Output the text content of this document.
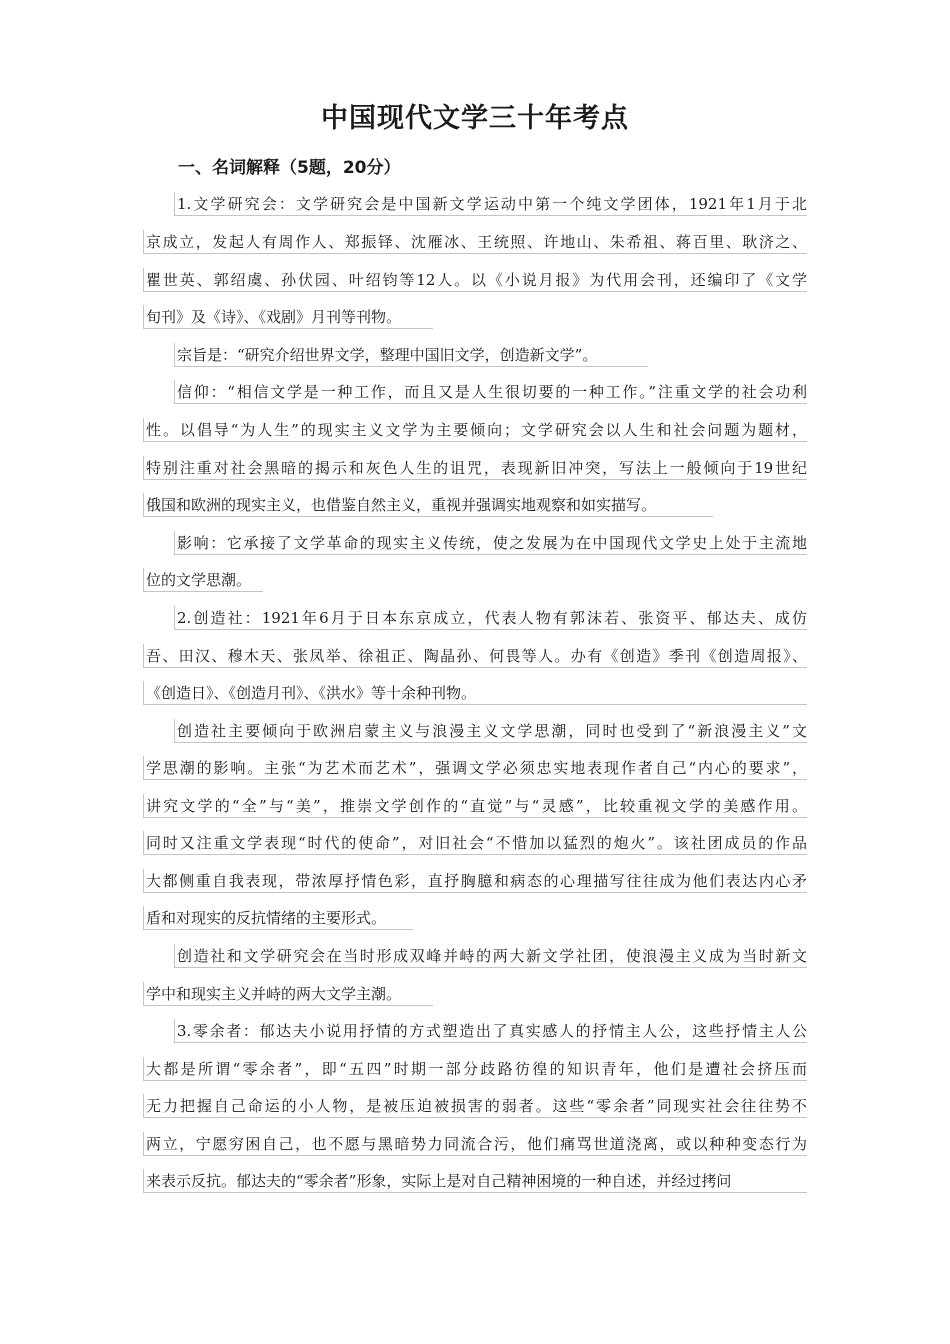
中国现代文学三十年考点
一、名词解释（5题，20分）
1.文学研究会：文学研究会是中国新文学运动中第一个纯文学团体，1921年1月于北
京成立，发起人有周作人、郑振铎、沈雁冰、王统照、许地山、朱希祖、蒋百里、耿济之、
瞿世英、郭绍虞、孙伏园、叶绍钧等12人。以《小说月报》为代用会刊，还编印了《文学
旬刊》及《诗》、《戏剧》月刊等刊物。
宗旨是：“研究介绍世界文学，整理中国旧文学，创造新文学”。
信仰：“相信文学是一种工作，而且又是人生很切要的一种工作。”注重文学的社会功利
性。以倡导“为人生”的现实主义文学为主要倾向；文学研究会以人生和社会问题为题材，
特别注重对社会黑暗的揭示和灰色人生的诅咒，表现新旧冲突，写法上一般倾向于19世纪
俄国和欧洲的现实主义，也借鉴自然主义，重视并强调实地观察和如实描写。
影响：它承接了文学革命的现实主义传统，使之发展为在中国现代文学史上处于主流地
位的文学思潮。
2.创造社：1921年6月于日本东京成立，代表人物有郭沫若、张资平、郁达夫、成仿
吾、田汉、穆木天、张凤举、徐祖正、陶晶孙、何畏等人。办有《创造》季刊《创造周报》、
《创造日》、《创造月刊》、《洪水》等十余种刊物。
创造社主要倾向于欧洲启蒙主义与浪漫主义文学思潮，同时也受到了“新浪漫主义”文
学思潮的影响。主张“为艺术而艺术”，强调文学必须忠实地表现作者自己“内心的要求”，
讲究文学的“全”与“美”，推崇文学创作的“直觉”与“灵感”，比较重视文学的美感作用。
同时又注重文学表现“时代的使命”，对旧社会“不惜加以猛烈的炮火”。该社团成员的作品
大都侧重自我表现，带浓厚抒情色彩，直抒胸臆和病态的心理描写往往成为他们表达内心矛
盾和对现实的反抗情绪的主要形式。
创造社和文学研究会在当时形成双峰并峙的两大新文学社团，使浪漫主义成为当时新文
学中和现实主义并峙的两大文学主潮。
3.零余者：郁达夫小说用抒情的方式塑造出了真实感人的抒情主人公，这些抒情主人公
大都是所谓“零余者”，即“五四”时期一部分歧路彷徨的知识青年，他们是遭社会挤压而
无力把握自己命运的小人物，是被压迫被损害的弱者。这些“零余者”同现实社会往往势不
两立，宁愿穷困自己，也不愿与黑暗势力同流合污，他们痛骂世道浇离，或以种种变态行为
来表示反抗。郁达夫的“零余者”形象，实际上是对自己精神困境的一种自述，并经过拷问
